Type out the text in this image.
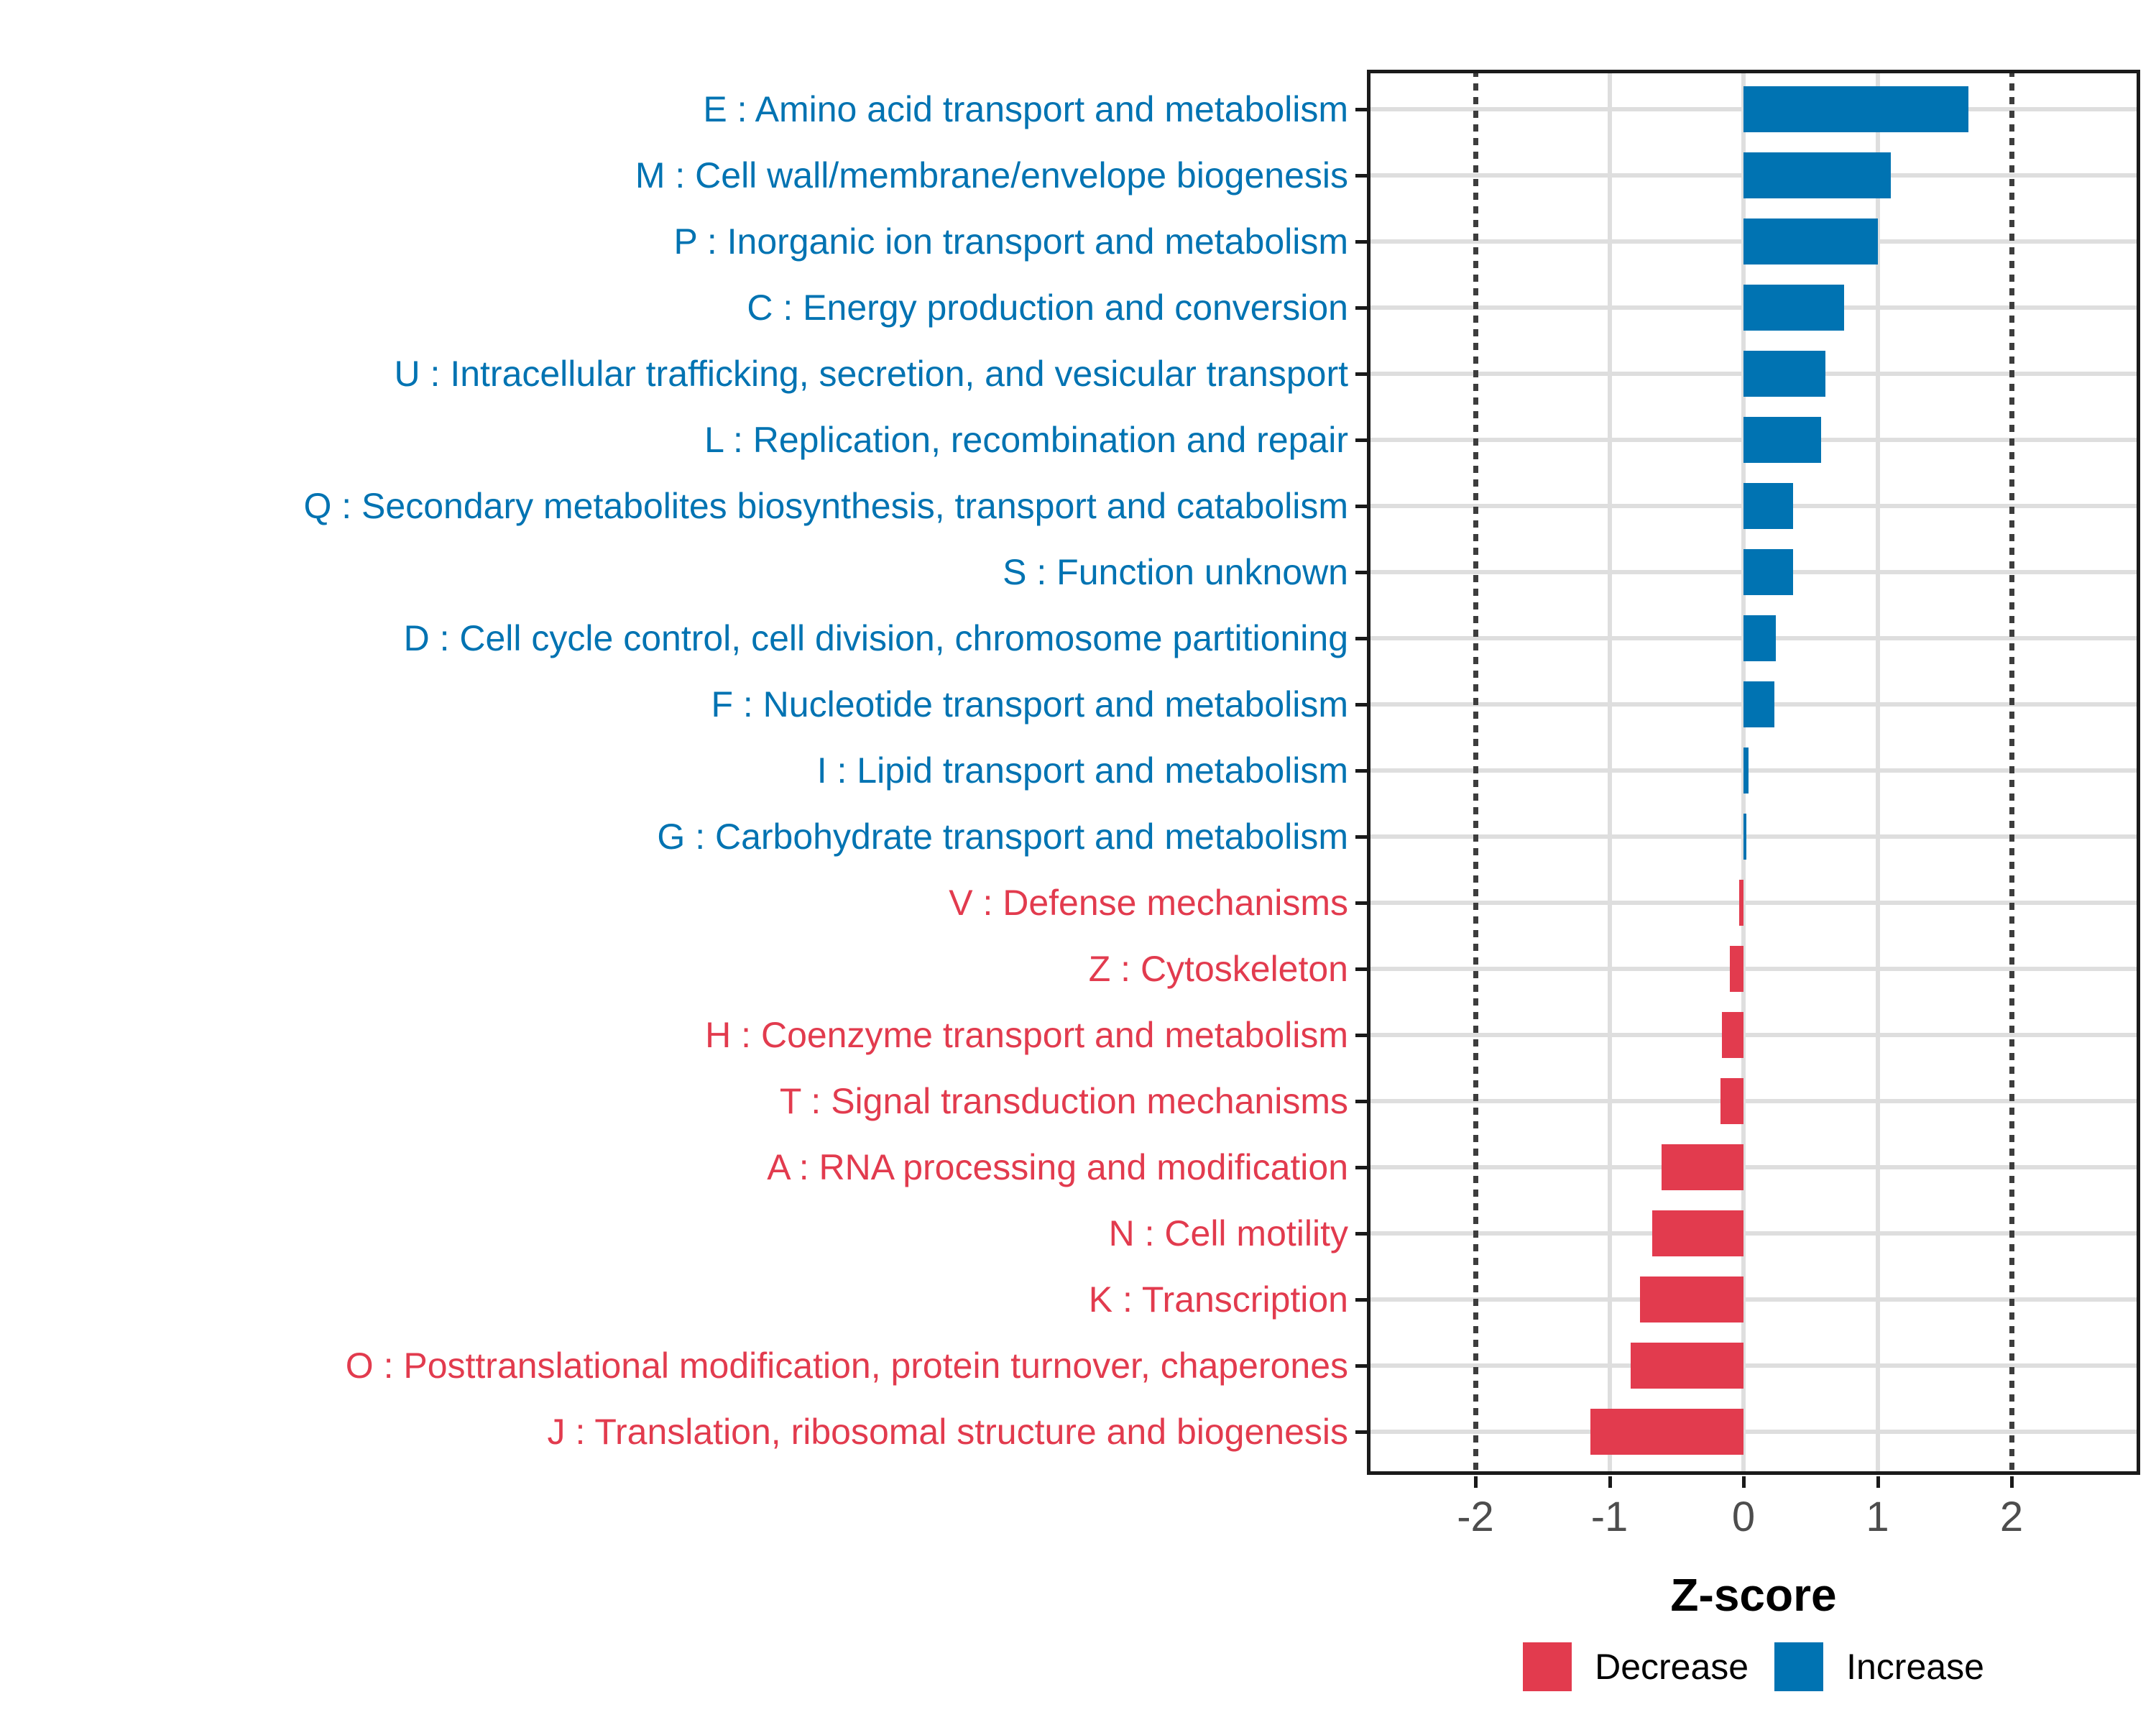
-2 -1 0	1	2
E : Amino acid transport and metabolism
M : Cell wall/membrane/envelope biogenesis
P : Inorganic ion transport and metabolism
C : Energy production and conversion
U : Intracellular trafficking, secretion, and vesicular transport
L : Replication, recombination and repair
Q : Secondary metabolites biosynthesis, transport and catabolism
S : Function unknown
D : Cell cycle control, cell division, chromosome partitioning
F : Nucleotide transport and metabolism
I : Lipid transport and metabolism
G : Carbohydrate transport and metabolism
V : Defense mechanisms
Z : Cytoskeleton
H : Coenzyme transport and metabolism
T : Signal transduction mechanisms
A : RNA processing and modification
N : Cell motility
K : Transcription
O : Posttranslational modification, protein turnover, chaperones
J : Translation, ribosomal structure and biogenesis
Z-score
Decrease	Increase
